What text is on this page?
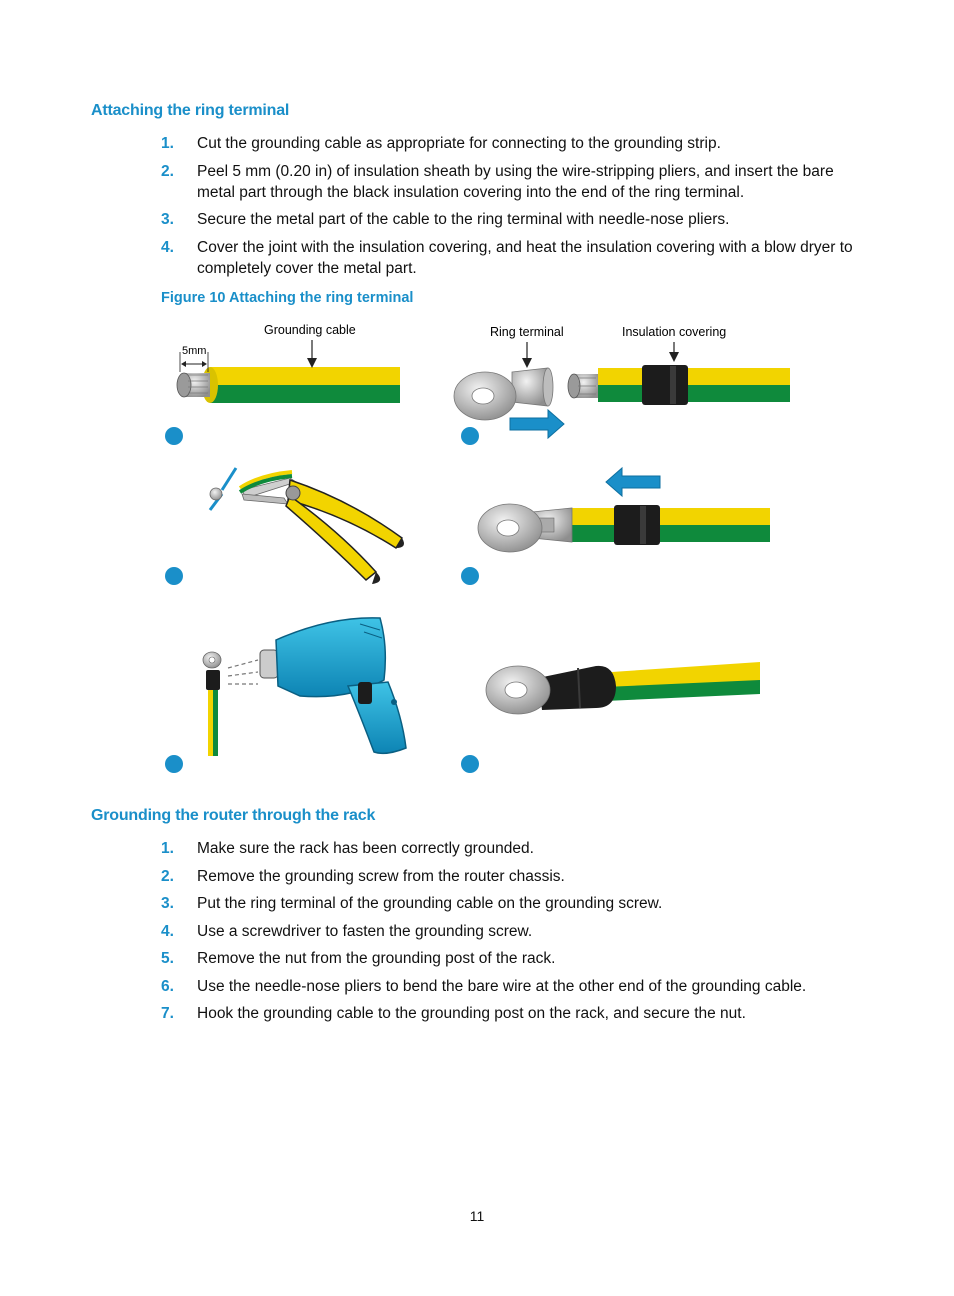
Attaching the ring terminal
1. Cut the grounding cable as appropriate for connecting to the grounding strip.
2. Peel 5 mm (0.20 in) of insulation sheath by using the wire-stripping pliers, and insert the bare metal part through the black insulation covering into the end of the ring terminal.
3. Secure the metal part of the cable to the ring terminal with needle-nose pliers.
4. Cover the joint with the insulation covering, and heat the insulation covering with a blow dryer to completely cover the metal part.
Figure 10 Attaching the ring terminal
5mm
Grounding cable	Ring terminal	Insulation covering
Grounding the router through the rack
1. Make sure the rack has been correctly grounded.
2. Remove the grounding screw from the router chassis.
3. Put the ring terminal of the grounding cable on the grounding screw.
4. Use a screwdriver to fasten the grounding screw.
5. Remove the nut from the grounding post of the rack.
6. Use the needle-nose pliers to bend the bare wire at the other end of the grounding cable.
7. Hook the grounding cable to the grounding post on the rack, and secure the nut.
11
